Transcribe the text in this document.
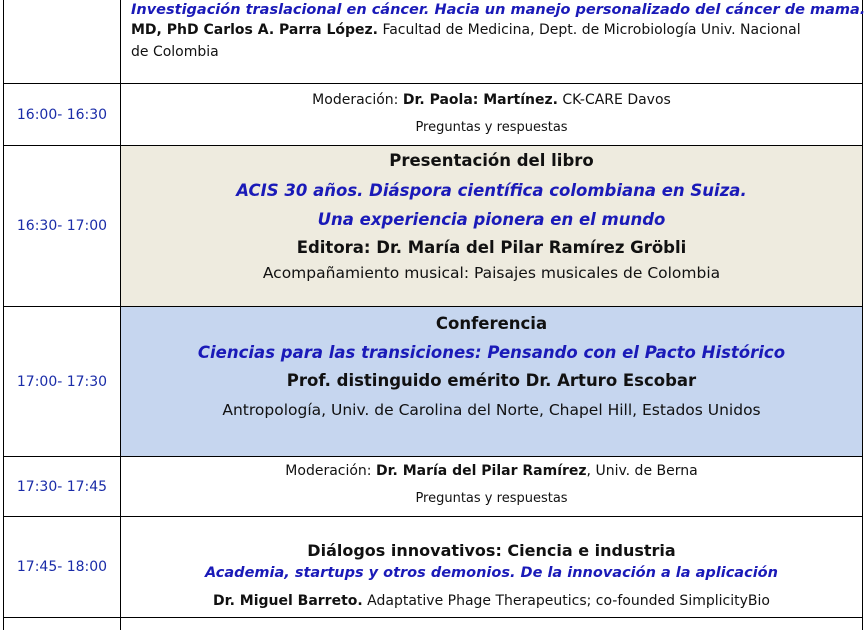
Investigación traslacional en cáncer. Hacia un manejo personalizado del cáncer de mama.
MD, PhD Carlos A. Parra López. Facultad de Medicina, Dept. de Microbiología Univ. Nacional
de Colombia
16:00- 16:30
Moderación: Dr. Paola: Martínez. CK-CARE Davos
Preguntas y respuestas
16:30- 17:00
Presentación del libro
ACIS 30 años. Diáspora científica colombiana en Suiza.
Una experiencia pionera en el mundo
Editora: Dr. María del Pilar Ramírez Gröbli
Acompañamiento musical: Paisajes musicales de Colombia
17:00- 17:30
Conferencia
Ciencias para las transiciones: Pensando con el Pacto Histórico
Prof. distinguido emérito Dr. Arturo Escobar
Antropología, Univ. de Carolina del Norte, Chapel Hill, Estados Unidos
17:30- 17:45
Moderación: Dr. María del Pilar Ramírez, Univ. de Berna
Preguntas y respuestas
17:45- 18:00
Diálogos innovativos: Ciencia e industria
Academia, startups y otros demonios. De la innovación a la aplicación
Dr. Miguel Barreto. Adaptative Phage Therapeutics; co-founded SimplicityBio
